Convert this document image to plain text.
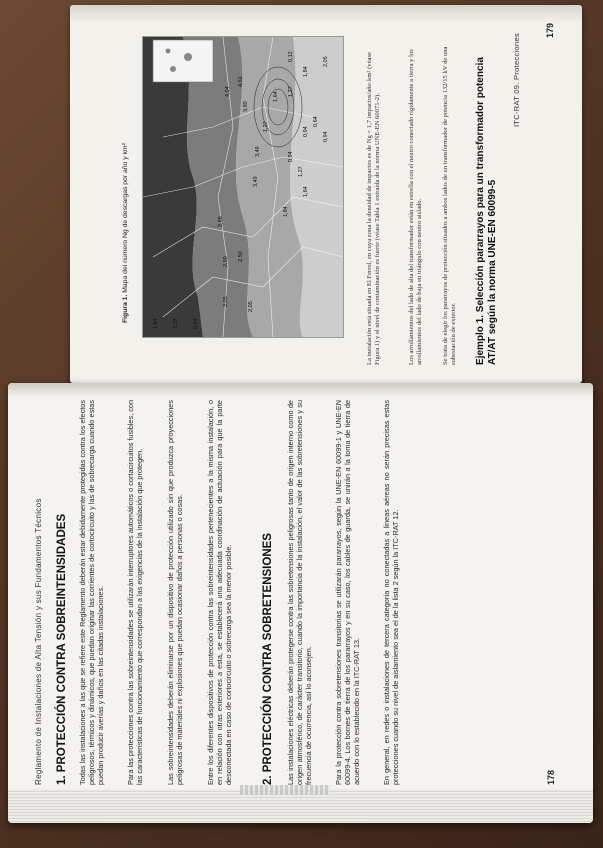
ITC-RAT 09. Protecciones
179
Ejemplo 1. Selección pararrayos para un transformador potencia AT/AT según la norma UNE-EN 60099-5
Se trata de elegir los pararrayos de protección situados a ambos lados de un transformador de potencia 132/15 kV de una subestación de exterior.
Los arrollamientos del lado de alta del transformador están en estrella con el neutro conectado rígidamente a tierra y los arrollamientos del lado de baja en triángulo con neutro aislado.
La instalación está situada en El Ferrol, en cuya zona la densidad de impactos es de Ng = 1,7 impactos/año·km² (véase Figura 1) y el nivel de contaminación es fuerte (véase Tabla 1 extraída de la norma UNE-EN 60071-2).
1,64	1,27	0,94
2,05
2,50
2,88
2,50
3,49
4,61
3,80
4,04
3,49
1,27
1,64
0,94
0,94
1,27
0,64
0,94
1,64
2,05
0,12
1,84
1,27
2,05
1,84
Figura 1. Mapa del número Ng de descargas por año y km²
Reglamento de Instalaciones de Alta Tensión y sus Fundamentos Técnicos 1. PROTECCIÓN CONTRA SOBREINTENSIDADES Todas las instalaciones a las que se refiere este Reglamento deberán estar debidamente protegidas contra los efectos peligrosos, térmicos y dinámicos, que puedan originar las corrientes de cortocircuito y las de sobrecarga cuando estas puedan producir averías y daños en las citadas instalaciones.	Para las protecciones contra las sobreintensidades se utilizarán interruptores automáticos o cortacircuitos fusibles, con las características de funcionamiento que correspondan a las exigencias de la instalación que protegen.	Las sobreintensidades deberán eliminarse por un dispositivo de protección utilizado sin que produzca proyecciones peligrosas de materiales ni explosiones que puedan ocasionar daños a personas o cosas.	Entre los diferentes dispositivos de protección contra las sobreintensidades pertenecientes a la misma instalación, o en relación con otras exteriores a esta, se establecerá una adecuada coordinación de actuación para que la parte desconectada en caso de cortocircuito o sobrecarga sea la menor posible. 2. PROTECCIÓN CONTRA SOBRETENSIONES Las instalaciones eléctricas deberán protegerse contra las sobretensiones peligrosas tanto de origen interno como de origen atmosférico, de carácter transitorio, cuando la importancia de la instalación, el valor de las sobretensiones y su frecuencia de ocurrencia, así lo aconsejen.	Para la protección contra sobretensiones transitorias se utilizarán pararrayos, según la UNE-EN 60099-1 y UNE-EN 60099-4. Los bornes de tierra de los pararrayos y en su caso, los cables de guarda, se unirán a la toma de tierra de acuerdo con lo establecido en la ITC-RAT 13.	En general, en redes o instalaciones de tercera categoría no conectadas a líneas aéreas no serán precisas estas protecciones cuando su nivel de aislamiento sea el de la lista 2 según la ITC-RAT 12.	178
